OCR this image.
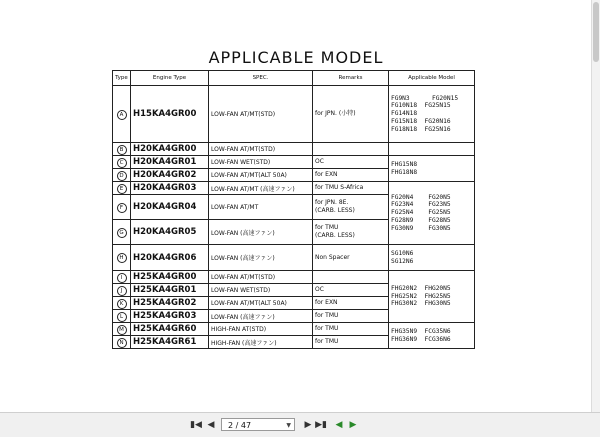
APPLICABLE MODEL
Type	Engine Type	SPEC.	Remarks	Applicable Model
A	H15KA4GR00	LOW-FAN AT/MT(STD)	for JPN. (小特)	FG9N3      FG20N15
FG10N18  FG25N15
FG14N18
FG15N18  FG20N16
FG18N18  FG25N16
B	H20KA4GR00	LOW-FAN AT/MT(STD)		
C	H20KA4GR01	LOW-FAN WET(STD)	OC	FHG15N8
FHG18N8
D	H20KA4GR02	LOW-FAN AT/MT(ALT 50A)	for EXN	
E	H20KA4GR03	LOW-FAN AT/MT (高速ファン)	for TMU S-Africa	FG20N4    FG20N5
FG23N4    FG23N5
FG25N4    FG25N5
FG28N9    FG28N5
FG30N9    FG30N5
F	H20KA4GR04	LOW-FAN AT/MT	for JPN. 8E.
(CARB. LESS)	
G	H20KA4GR05	LOW-FAN (高速ファン)	for TMU
(CARB. LESS)	
H	H20KA4GR06	LOW-FAN (高速ファン)	Non Spacer	SG10N6
SG12N6
I	H25KA4GR00	LOW-FAN AT/MT(STD)		FHG20N2  FHG20N5
FHG25N2  FHG25N5
FHG30N2  FHG30N5
J	H25KA4GR01	LOW-FAN WET(STD)	OC	
K	H25KA4GR02	LOW-FAN AT/MT(ALT 50A)	for EXN	
L	H25KA4GR03	LOW-FAN (高速ファン)	for TMU	
M	H25KA4GR60	HIGH-FAN AT(STD)	for TMU	FHG35N9  FCG35N6
FHG36N9  FCG36N6
N	H25KA4GR61	HIGH-FAN (高速ファン)	for TMU	
▮◀ ◀	2 / 47	▼ ▶ ▶▮ ◀ ▶
